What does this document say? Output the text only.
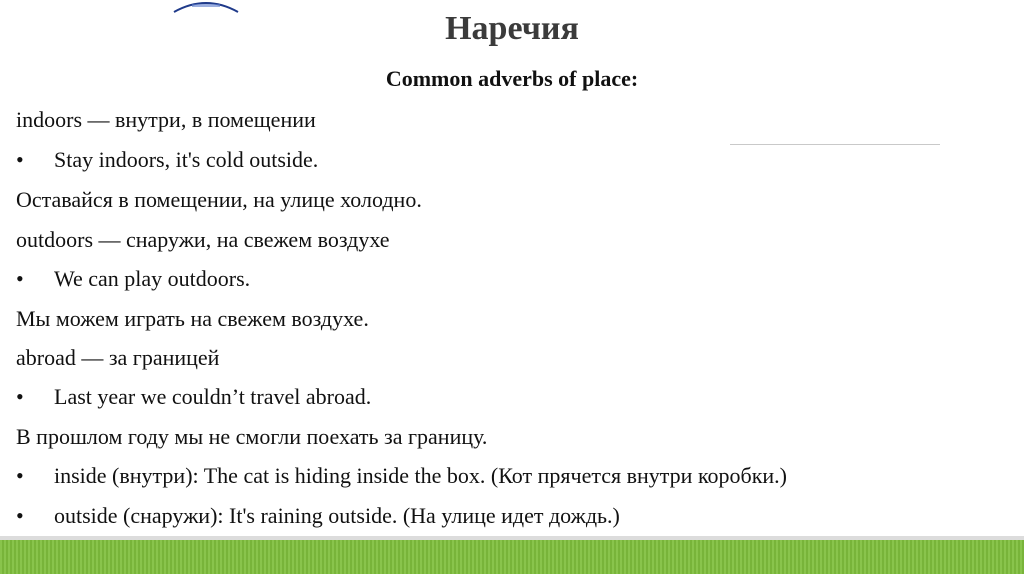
Наречия
Common adverbs of place:
indoors — внутри, в помещении
• Stay indoors, it's cold outside.
Оставайся в помещении, на улице холодно.
outdoors — снаружи, на свежем воздухе
• We can play outdoors.
Мы можем играть на свежем воздухе.
abroad — за границей
• Last year we couldn’t travel abroad.
В прошлом году мы не смогли поехать за границу.
• inside (внутри): The cat is hiding inside the box. (Кот прячется внутри коробки.)
• outside (снаружи): It's raining outside. (На улице идет дождь.)
